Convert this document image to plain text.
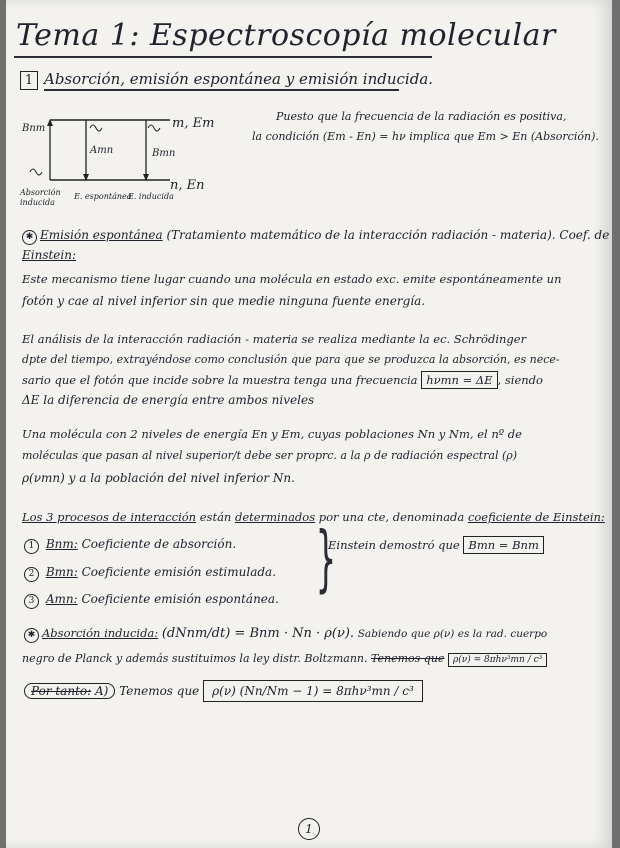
Tema 1: Espectroscopía molecular
1 Absorción, emisión espontánea y emisión inducida.
Bnm
Amn	Bmn
m, Em
n, En
Absorción inducida
E. espontánea
E. inducida
Puesto que la frecuencia de la radiación es positiva,
la condición (Em - En) = hν implica que Em > En (Absorción).
✱ Emisión espontánea (Tratamiento matemático de la interacción radiación - materia). Coef. de
Einstein:
Este mecanismo tiene lugar cuando una molécula en estado exc. emite espontáneamente un
fotón y cae al nivel inferior sin que medie ninguna fuente energía.
El análisis de la interacción radiación - materia se realiza mediante la ec. Schrödinger
dpte del tiempo, extrayéndose como conclusión que para que se produzca la absorción, es nece-
sario que el fotón que incide sobre la muestra tenga una frecuencia hνmn = ΔE , siendo
ΔE la diferencia de energía entre ambos niveles
Una molécula con 2 niveles de energía En y Em, cuyas poblaciones Nn y Nm, el nº de
moléculas que pasan al nivel superior/t debe ser proprc. a la ρ de radiación espectral (ρ)
ρ(νmn) y a la población del nivel inferior Nn.
Los 3 procesos de interacción están determinados por una cte, denominada coeficiente de Einstein:
1 Bnm: Coeficiente de absorción.
2 Bmn: Coeficiente emisión estimulada.
3 Amn: Coeficiente emisión espontánea. }
Einstein demostró que Bmn = Bnm
✱ Absorción inducida: (dNnm/dt) = Bnm · Nn · ρ(ν). Sabiendo que ρ(ν) es la rad. cuerpo
negro de Planck y además sustituimos la ley distr. Boltzmann. Tenemos que ρ(ν) = 8πhν³mn / c³
Por tanto: A) Tenemos que ρ(ν) (Nn/Nm − 1) = 8πhν³mn / c³
1
